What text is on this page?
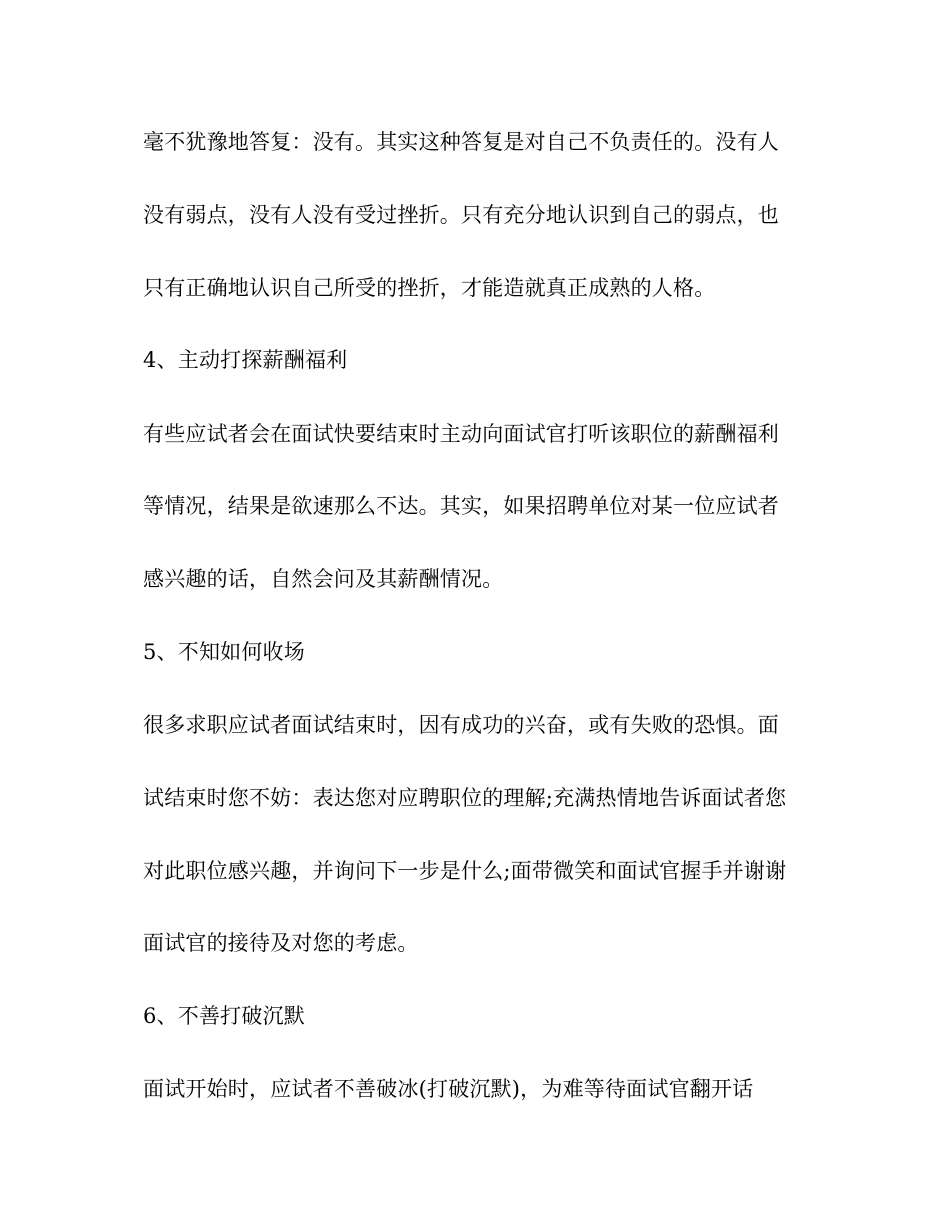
毫不犹豫地答复：没有。其实这种答复是对自己不负责任的。没有人
没有弱点，没有人没有受过挫折。只有充分地认识到自己的弱点，也
只有正确地认识自己所受的挫折，才能造就真正成熟的人格。
4、主动打探薪酬福利
有些应试者会在面试快要结束时主动向面试官打听该职位的薪酬福利
等情况，结果是欲速那么不达。其实，如果招聘单位对某一位应试者
感兴趣的话，自然会问及其薪酬情况。
5、不知如何收场
很多求职应试者面试结束时，因有成功的兴奋，或有失败的恐惧。面
试结束时您不妨：表达您对应聘职位的理解;充满热情地告诉面试者您
对此职位感兴趣，并询问下一步是什么;面带微笑和面试官握手并谢谢
面试官的接待及对您的考虑。
6、不善打破沉默
面试开始时，应试者不善破冰(打破沉默)，为难等待面试官翻开话
